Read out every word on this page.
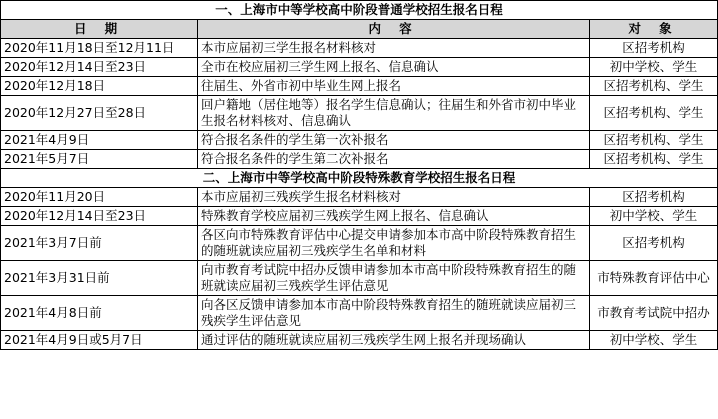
一、上海市中等学校高中阶段普通学校招生报名日程		
日 期	内 容	对 象
2020年11月18日至12月11日	本市应届初三学生报名材料核对	区招考机构
2020年12月14日至23日	全市在校应届初三学生网上报名、信息确认	初中学校、学生
2020年12月18日	往届生、外省市初中毕业生网上报名	区招考机构、学生
2020年12月27日至28日	回户籍地（居住地等）报名学生信息确认；往届生和外省市初中毕业生报名材料核对、信息确认	区招考机构、学生
2021年4月9日	符合报名条件的学生第一次补报名	区招考机构、学生
2021年5月7日	符合报名条件的学生第二次补报名	区招考机构、学生
二、上海市中等学校高中阶段特殊教育学校招生报名日程		
2020年11月20日	本市应届初三残疾学生报名材料核对	区招考机构
2020年12月14日至23日	特殊教育学校应届初三残疾学生网上报名、信息确认	初中学校、学生
2021年3月7日前	各区向市特殊教育评估中心提交申请参加本市高中阶段特殊教育招生的随班就读应届初三残疾学生名单和材料	区招考机构
2021年3月31日前	向市教育考试院中招办反馈申请参加本市高中阶段特殊教育招生的随班就读应届初三残疾学生评估意见	市特殊教育评估中心
2021年4月8日前	向各区反馈申请参加本市高中阶段特殊教育招生的随班就读应届初三残疾学生评估意见	市教育考试院中招办
2021年4月9日或5月7日	通过评估的随班就读应届初三残疾学生网上报名并现场确认	初中学校、学生
